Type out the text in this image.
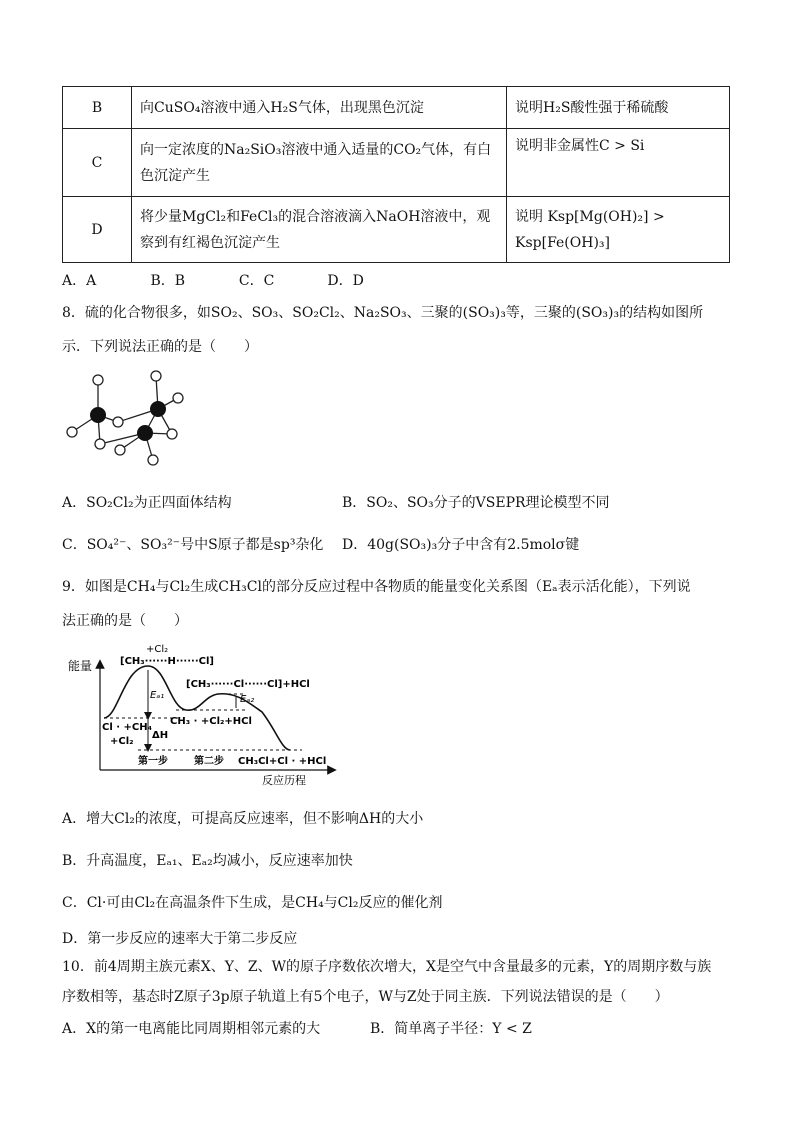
B	向CuSO₄溶液中通入H₂S气体，出现黑色沉淀	说明H₂S酸性强于稀硫酸
C	向一定浓度的Na₂SiO₃溶液中通入适量的CO₂气体，有白色沉淀产生	说明非金属性C > Si
D	将少量MgCl₂和FeCl₃的混合溶液滴入NaOH溶液中，观察到有红褐色沉淀产生	说明 Ksp[Mg(OH)₂] > Ksp[Fe(OH)₃]
A．A	B．B	C．C	D．D
8．硫的化合物很多，如SO₂、SO₃、SO₂Cl₂、Na₂SO₃、三聚的(SO₃)₃等，三聚的(SO₃)₃的结构如图所
示．下列说法正确的是（　　）
A．SO₂Cl₂为正四面体结构	B．SO₂、SO₃分子的VSEPR理论模型不同
C．SO₄²⁻、SO₃²⁻号中S原子都是sp³杂化 D．40g(SO₃)₃分子中含有2.5molσ键
9．如图是CH₄与Cl₂生成CH₃Cl的部分反应过程中各物质的能量变化关系图（Eₐ表示活化能），下列说
法正确的是（　　）
能量
反应历程
+Cl₂
[CH₃······H······Cl]
[CH₃······Cl······Cl]+HCl
Eₐ₁	Eₐ₂
Cl · +CH₄
+Cl₂
CH₃ · +Cl₂+HCl
ΔH
第一步	第二步 CH₃Cl+Cl · +HCl
A．增大Cl₂的浓度，可提高反应速率，但不影响ΔH的大小
B．升高温度，Eₐ₁、Eₐ₂均减小，反应速率加快
C．Cl·可由Cl₂在高温条件下生成，是CH₄与Cl₂反应的催化剂
D．第一步反应的速率大于第二步反应
10．前4周期主族元素X、Y、Z、W的原子序数依次增大，X是空气中含量最多的元素，Y的周期序数与族
序数相等，基态时Z原子3p原子轨道上有5个电子，W与Z处于同主族．下列说法错误的是（　　）
A．X的第一电离能比同周期相邻元素的大	B．简单离子半径：Y < Z
